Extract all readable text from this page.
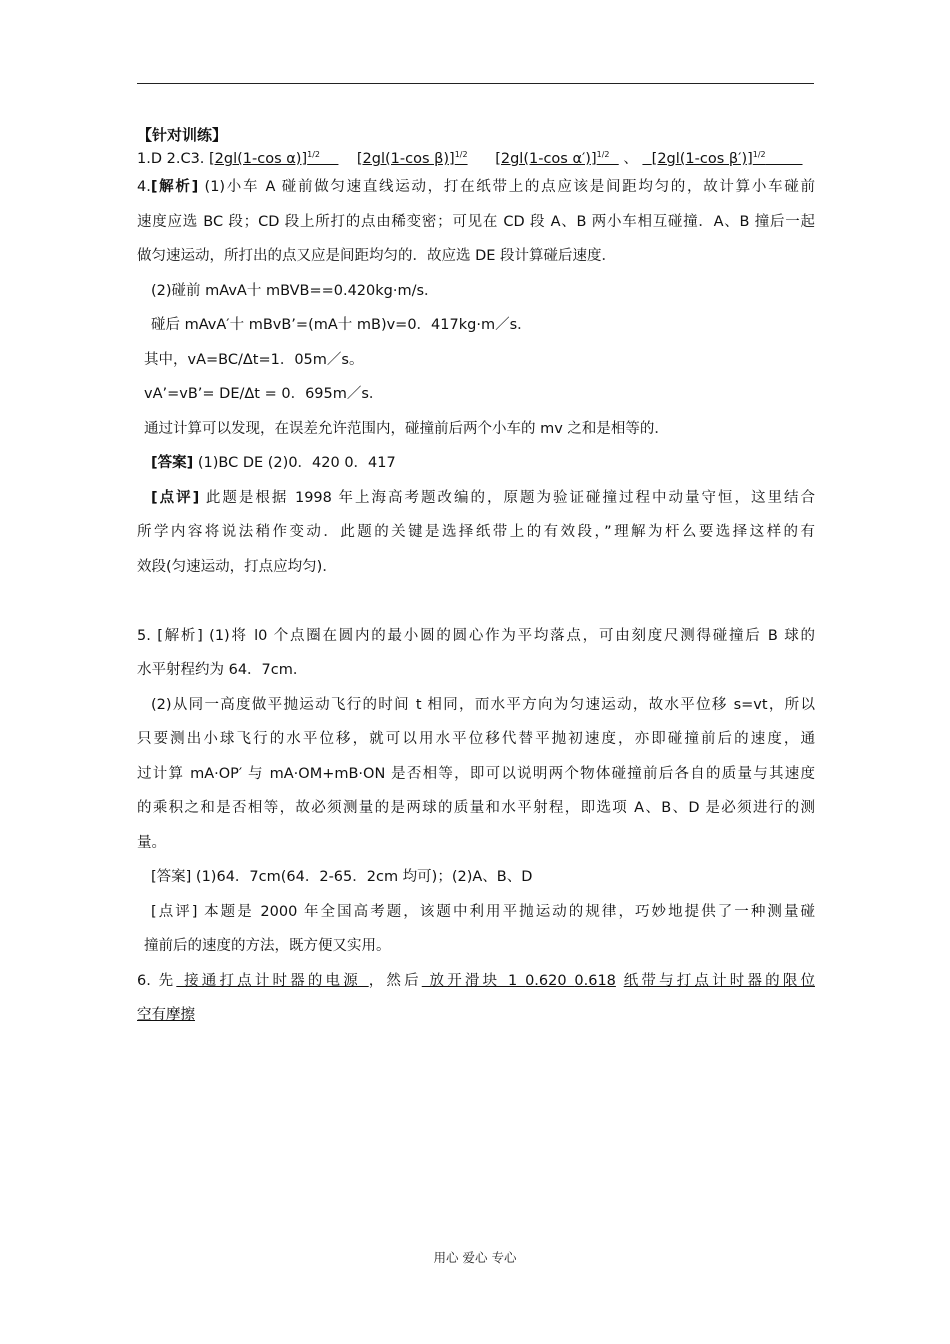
【针对训练】
1.D 2.C3. [2gl(1-cos α)]$^{1/2}$	[2gl(1-cos β)]$^{1/2}$ [2gl(1-cos α′)]$^{1/2}$ 、 [2gl(1-cos β′)]$^{1/2}$
4.[解析] (1)小车 A 碰前做匀速直线运动，打在纸带上的点应该是间距均匀的，故计算小车碰前
速度应选 BC 段；CD 段上所打的点由稀变密；可见在 CD 段 A、B 两小车相互碰撞．A、B 撞后一起
做匀速运动，所打出的点又应是间距均匀的．故应选 DE 段计算碰后速度．
(2)碰前 mAvA十 mBVB==0.420kg·m/s．
碰后 mAvA′十 mBvB’=(mA十 mB)v=0．417kg·m／s．
其中，vA=BC/Δt=1．05m／s。
vA’=vB’= DE/Δt = 0．695m／s．
通过计算可以发现，在误差允许范围内，碰撞前后两个小车的 mv 之和是相等的．
[答案] (1)BC DE (2)0．420 0．417
[点评] 此题是根据 1998 年上海高考题改编的，原题为验证碰撞过程中动量守恒，这里结合
所学内容将说法稍作变动．此题的关键是选择纸带上的有效段，”理解为杆么要选择这样的有
效段(匀速运动，打点应均匀)．
5. [解析] (1)将 l0 个点圈在圆内的最小圆的圆心作为平均落点，可由刻度尺测得碰撞后 B 球的
水平射程约为 64．7cm．
(2)从同一高度做平抛运动飞行的时间 t 相同，而水平方向为匀速运动，故水平位移 s=vt，所以
只要测出小球飞行的水平位移，就可以用水平位移代替平抛初速度，亦即碰撞前后的速度，通
过计算 mA·OP′ 与 mA·OM+mB·ON 是否相等，即可以说明两个物体碰撞前后各自的质量与其速度
的乘积之和是否相等，故必须测量的是两球的质量和水平射程，即选项 A、B、D 是必须进行的测
量。
[答案] (1)64．7cm(64．2-65．2cm 均可)；(2)A、B、D
[点评] 本题是 2000 年全国高考题，该题中利用平抛运动的规律，巧妙地提供了一种测量碰
撞前后的速度的方法，既方便又实用。
6. 先 接通打点计时器的电源 ，然后 放开滑块 1 0.620 0.618 纸带与打点计时器的限位
空有摩擦
用心 爱心 专心
